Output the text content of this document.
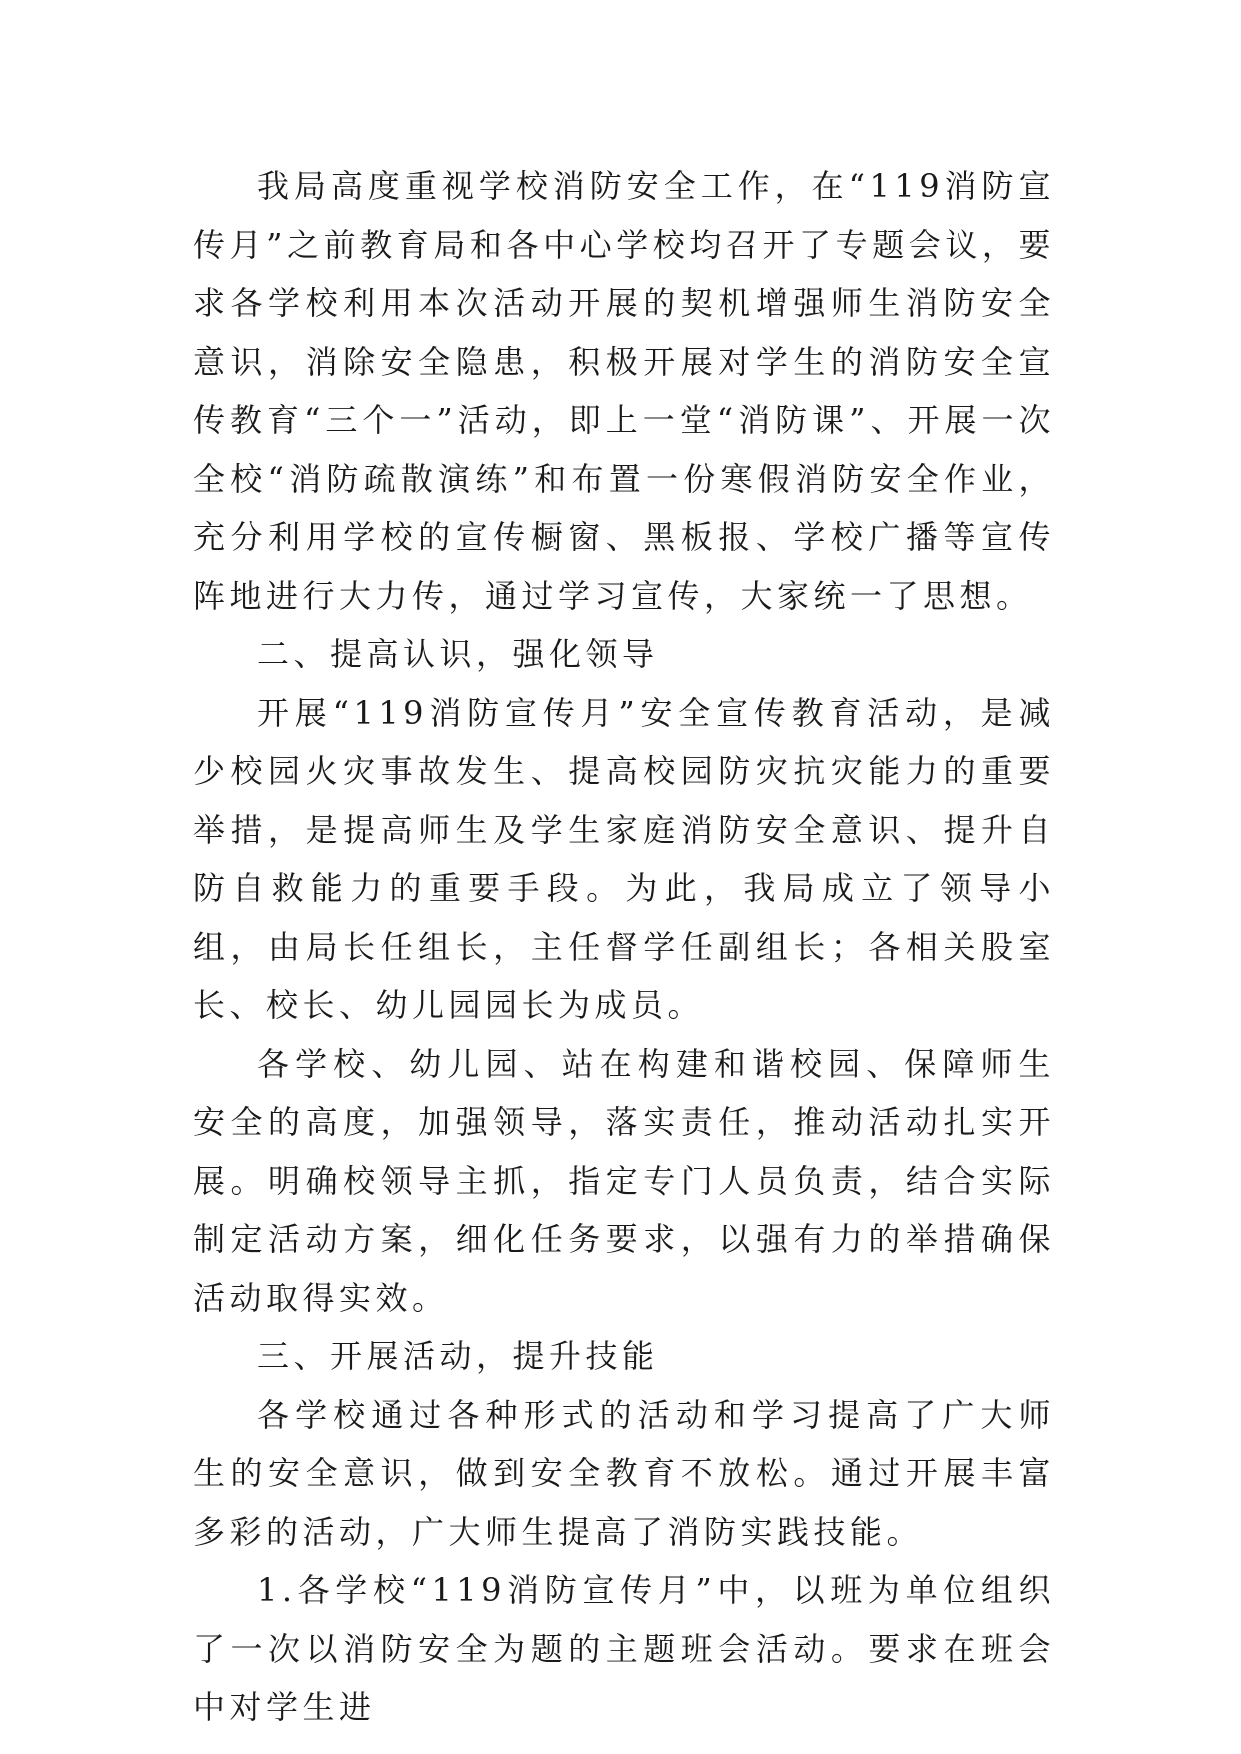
我局高度重视学校消防安全工作，在“119消防宣传月”之前教育局和各中心学校均召开了专题会议，要求各学校利用本次活动开展的契机增强师生消防安全意识，消除安全隐患，积极开展对学生的消防安全宣传教育“三个一”活动，即上一堂“消防课”、开展一次全校“消防疏散演练”和布置一份寒假消防安全作业，充分利用学校的宣传橱窗、黑板报、学校广播等宣传阵地进行大力传，通过学习宣传，大家统一了思想。

二、提高认识，强化领导

开展“119消防宣传月”安全宣传教育活动，是减少校园火灾事故发生、提高校园防灾抗灾能力的重要举措，是提高师生及学生家庭消防安全意识、提升自防自救能力的重要手段。为此，我局成立了领导小组，由局长任组长，主任督学任副组长；各相关股室长、校长、幼儿园园长为成员。

各学校、幼儿园、站在构建和谐校园、保障师生安全的高度，加强领导，落实责任，推动活动扎实开展。明确校领导主抓，指定专门人员负责，结合实际制定活动方案，细化任务要求，以强有力的举措确保活动取得实效。

三、开展活动，提升技能

各学校通过各种形式的活动和学习提高了广大师生的安全意识，做到安全教育不放松。通过开展丰富多彩的活动，广大师生提高了消防实践技能。

1.各学校“119消防宣传月”中，以班为单位组织了一次以消防安全为题的主题班会活动。要求在班会中对学生进
